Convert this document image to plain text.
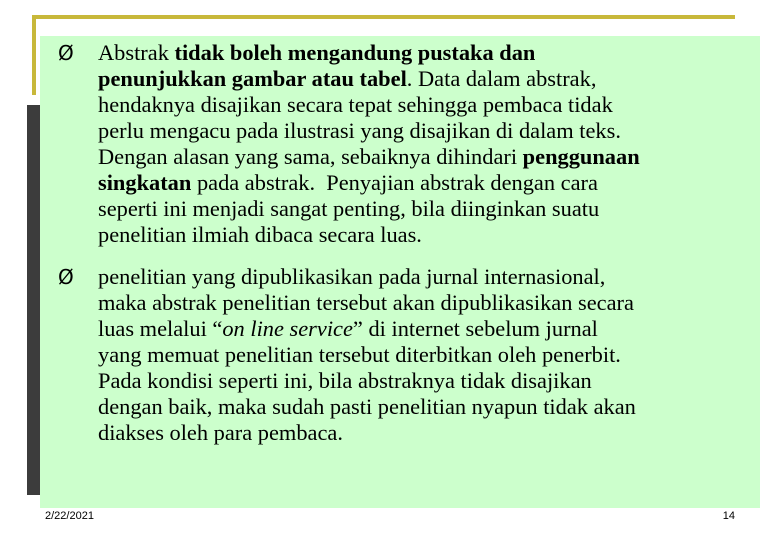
Ø	Abstrak tidak boleh mengandung pustaka dan
penunjukkan gambar atau tabel. Data dalam abstrak,
hendaknya disajikan secara tepat sehingga pembaca tidak
perlu mengacu pada ilustrasi yang disajikan di dalam teks.
Dengan alasan yang sama, sebaiknya dihindari penggunaan
singkatan pada abstrak.  Penyajian abstrak dengan cara
seperti ini menjadi sangat penting, bila diinginkan suatu
penelitian ilmiah dibaca secara luas.
Ø	penelitian yang dipublikasikan pada jurnal internasional,
maka abstrak penelitian tersebut akan dipublikasikan secara
luas melalui “on line service” di internet sebelum jurnal
yang memuat penelitian tersebut diterbitkan oleh penerbit.
Pada kondisi seperti ini, bila abstraknya tidak disajikan
dengan baik, maka sudah pasti penelitian nyapun tidak akan
diakses oleh para pembaca.
2/22/2021	14
